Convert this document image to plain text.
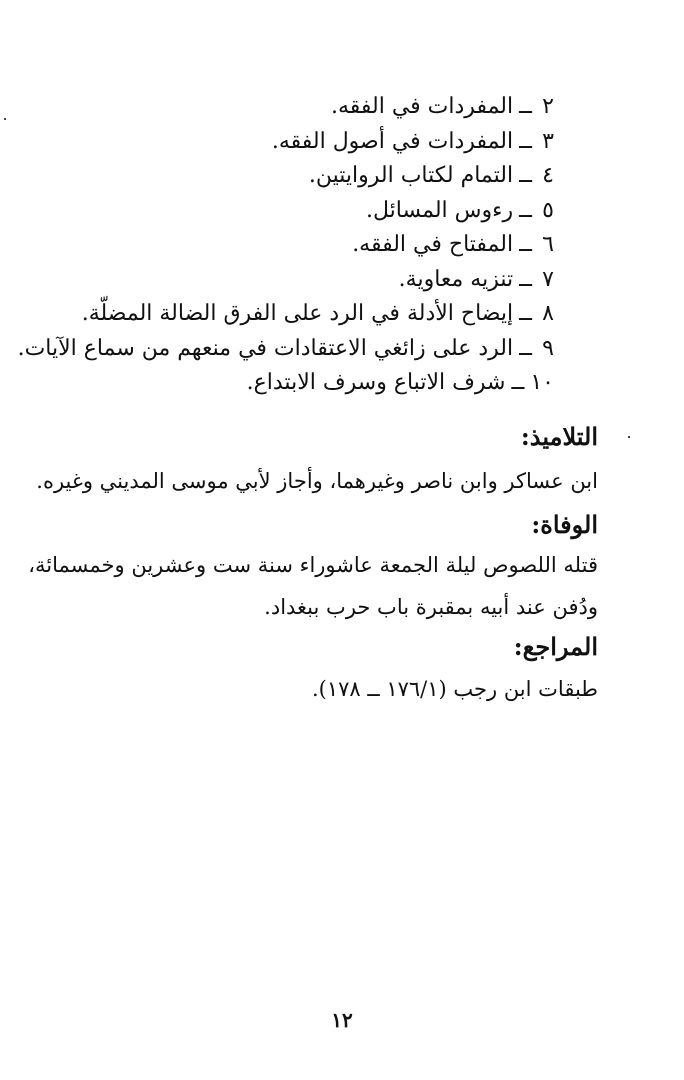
٢ــالمفردات في الفقه.
٣ــالمفردات في أصول الفقه.
٤ــالتمام لكتاب الروايتين.
٥ــرءوس المسائل.
٦ــالمفتاح في الفقه.
٧ــتنزيه معاوية.
٨ــإيضاح الأدلة في الرد على الفرق الضالة المضلّة.
٩ــالرد على زائغي الاعتقادات في منعهم من سماع الآيات.
١٠ــشرف الاتباع وسرف الابتداع.
التلاميذ:

ابن عساكر وابن ناصر وغيرهما، وأجاز لأبي موسى المديني وغيره.

الوفاة:

قتله اللصوص ليلة الجمعة عاشوراء سنة ست وعشرين وخمسمائة،
ودُفن عند أبيه بمقبرة باب حرب ببغداد.

المراجع:

طبقات ابن رجب (١٧٦/١ ــ ١٧٨).

١٢
